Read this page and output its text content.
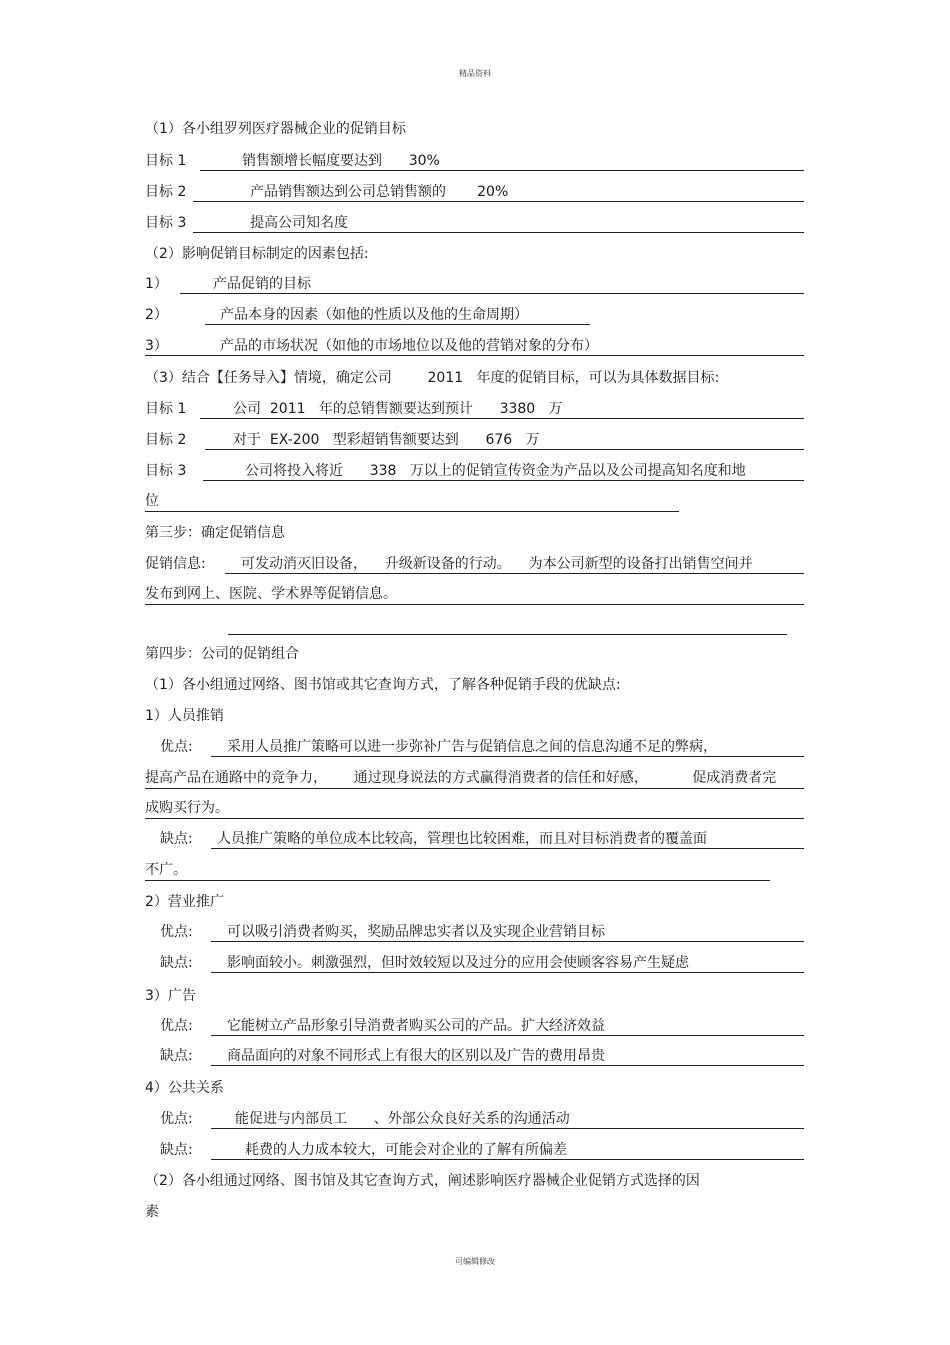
精品资料
（1）各小组罗列医疗器械企业的促销目标
目标 1	销售额增长幅度要达到      30%
目标 2	产品销售额达到公司总销售额的       20%
目标 3	提高公司知名度
（2）影响促销目标制定的因素包括:
1）	产品促销的目标
2）	产品本身的因素（如他的性质以及他的生命周期）
3）	产品的市场状况（如他的市场地位以及他的营销对象的分布）
（3）结合【任务导入】情境，确定公司        2011   年度的促销目标，可以为具体数据目标:
目标 1	公司  2011   年的总销售额要达到预计      3380   万
目标 2	对于  EX-200   型彩超销售额要达到      676   万
目标 3	公司将投入将近      338   万以上的促销宣传资金为产品以及公司提高知名度和地
位
第三步：确定促销信息
促销信息:	可发动消灭旧设备，    升级新设备的行动。    为本公司新型的设备打出销售空间并
发布到网上、医院、学术界等促销信息。
第四步：公司的促销组合
（1）各小组通过网络、图书馆或其它查询方式，了解各种促销手段的优缺点:
1）人员推销
优点:	采用人员推广策略可以进一步弥补广告与促销信息之间的信息沟通不足的弊病，
提高产品在通路中的竞争力，      通过现身说法的方式赢得消费者的信任和好感，          促成消费者完
成购买行为。
缺点:	人员推广策略的单位成本比较高，管理也比较困难，而且对目标消费者的覆盖面
不广。
2）营业推广
优点:	可以吸引消费者购买，奖励品牌忠实者以及实现企业营销目标
缺点:	影响面较小。刺激强烈，但时效较短以及过分的应用会使顾客容易产生疑虑
3）广告
优点:	它能树立产品形象引导消费者购买公司的产品。扩大经济效益
缺点:	商品面向的对象不同形式上有很大的区别以及广告的费用昂贵
4）公共关系
优点:	能促进与内部员工      、外部公众良好关系的沟通活动
缺点:	耗费的人力成本较大，可能会对企业的了解有所偏差
（2）各小组通过网络、图书馆及其它查询方式，阐述影响医疗器械企业促销方式选择的因
素
可编辑修改
